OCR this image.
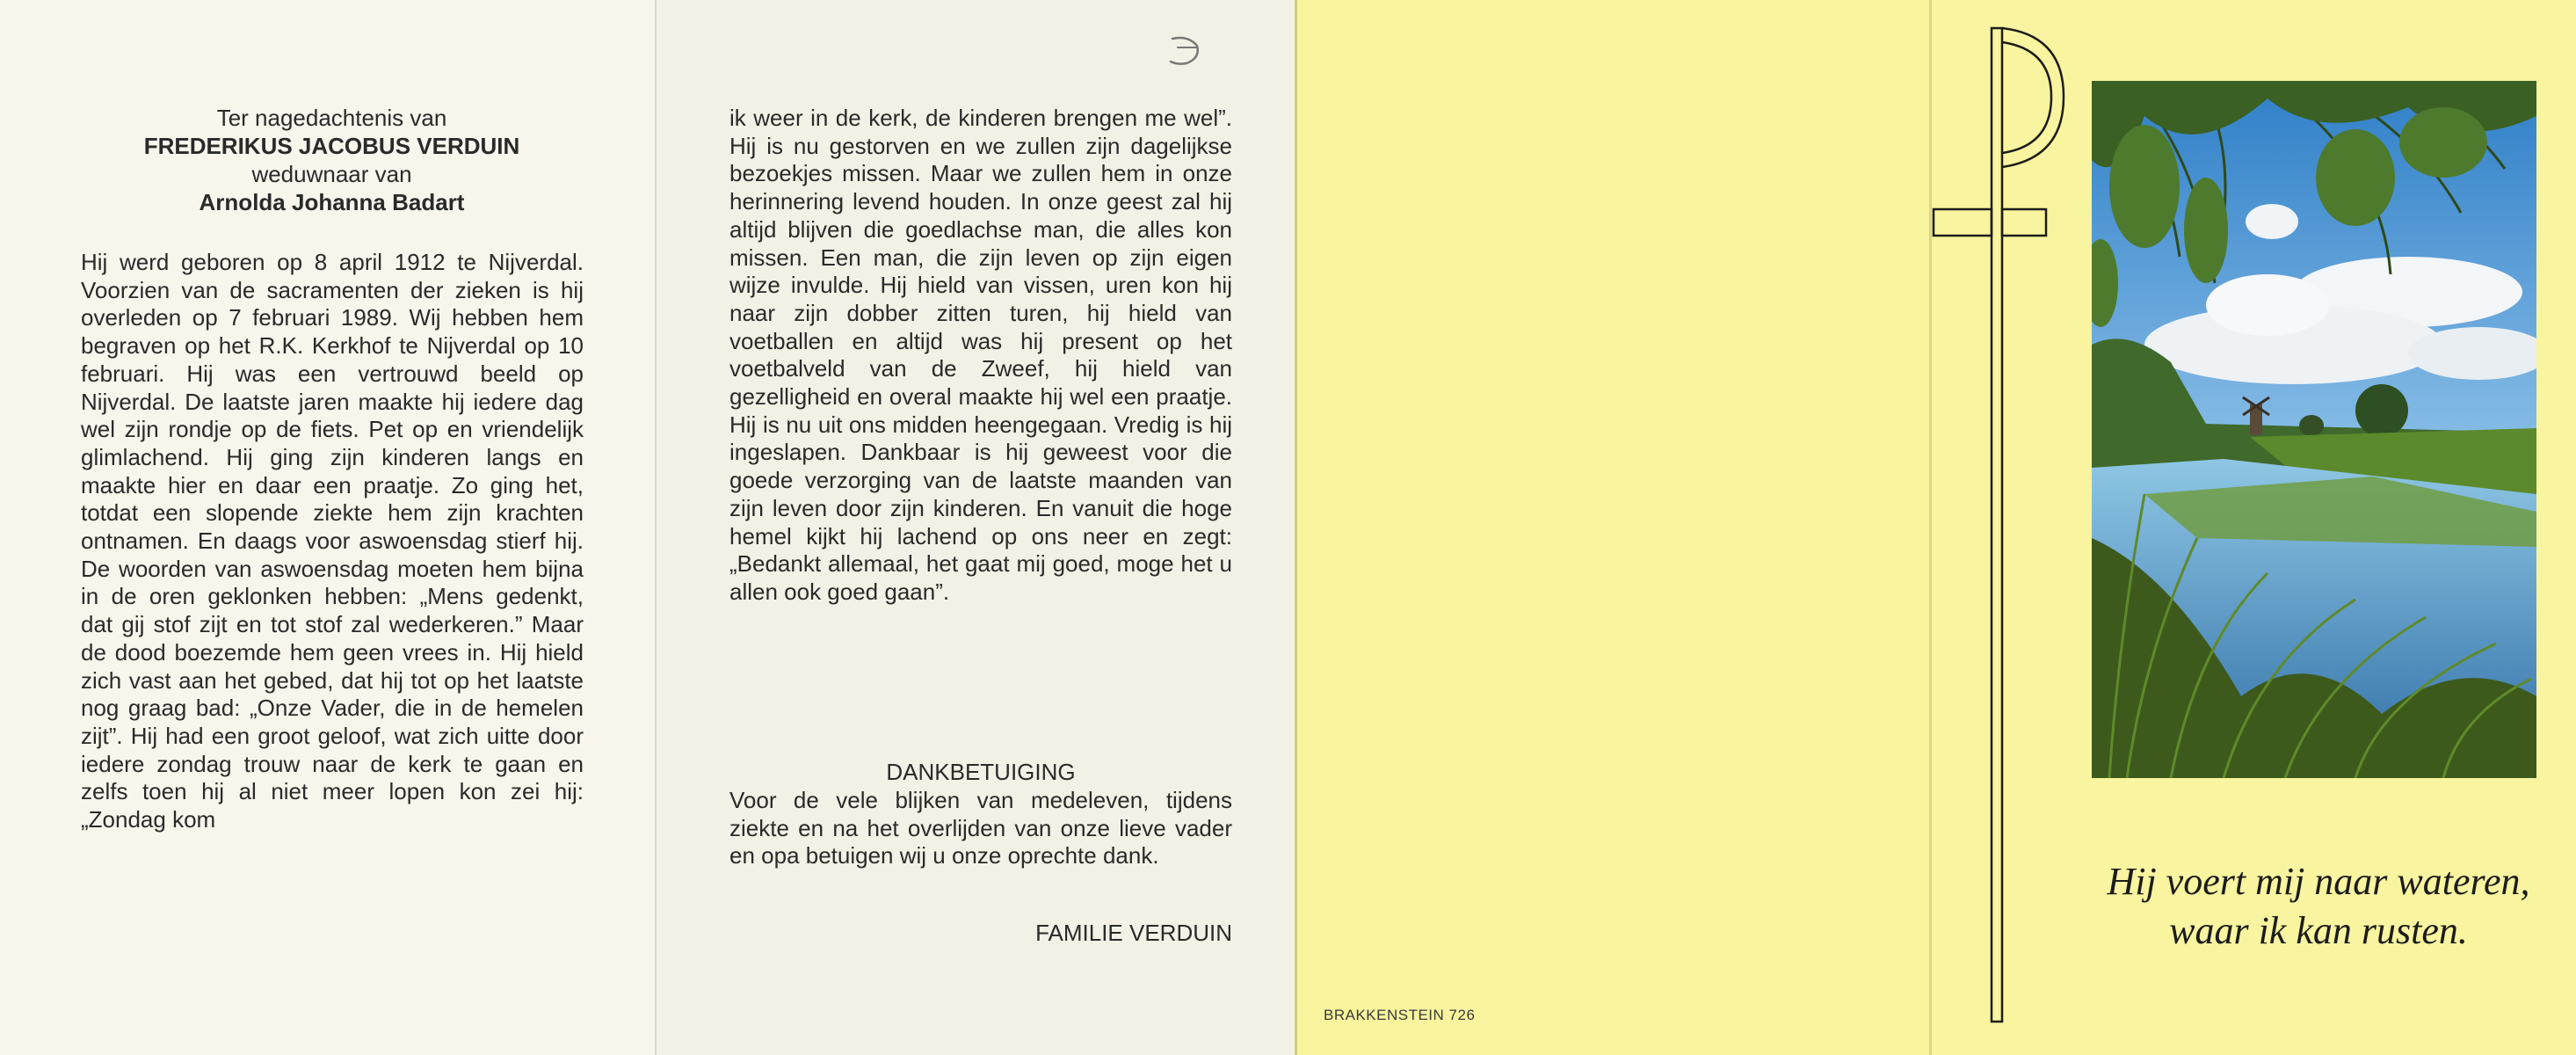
Ter nagedachtenis van
FREDERIKUS JACOBUS VERDUIN
weduwnaar van
Arnolda Johanna Badart
Hij werd geboren op 8 april 1912 te Nijverdal. Voorzien van de sacramenten der zieken is hij overleden op 7 februari 1989. Wij hebben hem begraven op het R.K. Kerkhof te Nijverdal op 10 februari. Hij was een vertrouwd beeld op Nijverdal. De laatste jaren maakte hij iedere dag wel zijn rondje op de fiets. Pet op en vriendelijk glimlachend. Hij ging zijn kinderen langs en maakte hier en daar een praatje. Zo ging het, totdat een slopende ziekte hem zijn krachten ontnamen. En daags voor aswoensdag stierf hij. De woorden van aswoensdag moeten hem bijna in de oren geklonken hebben: „Mens gedenkt, dat gij stof zijt en tot stof zal wederkeren.” Maar de dood boezemde hem geen vrees in. Hij hield zich vast aan het gebed, dat hij tot op het laatste nog graag bad: „Onze Vader, die in de hemelen zijt”. Hij had een groot geloof, wat zich uitte door iedere zondag trouw naar de kerk te gaan en zelfs toen hij al niet meer lopen kon zei hij: „Zondag kom
ik weer in de kerk, de kinderen brengen me wel”. Hij is nu gestorven en we zullen zijn dagelijkse bezoekjes missen. Maar we zullen hem in onze herinnering levend houden. In onze geest zal hij altijd blijven die goedlachse man, die alles kon missen. Een man, die zijn leven op zijn eigen wijze invulde. Hij hield van vissen, uren kon hij naar zijn dobber zitten turen, hij hield van voetballen en altijd was hij present op het voetbalveld van de Zweef, hij hield van gezelligheid en overal maakte hij wel een praatje. Hij is nu uit ons midden heengegaan. Vredig is hij ingeslapen. Dankbaar is hij geweest voor die goede verzorging van de laatste maanden van zijn leven door zijn kinderen. En vanuit die hoge hemel kijkt hij lachend op ons neer en zegt: „Bedankt allemaal, het gaat mij goed, moge het u allen ook goed gaan”.
DANKBETUIGING
Voor de vele blijken van medeleven, tijdens ziekte en na het overlijden van onze lieve vader en opa betuigen wij u onze oprechte dank.
FAMILIE VERDUIN
BRAKKENSTEIN 726
Hij voert mij naar wateren,
waar ik kan rusten.
